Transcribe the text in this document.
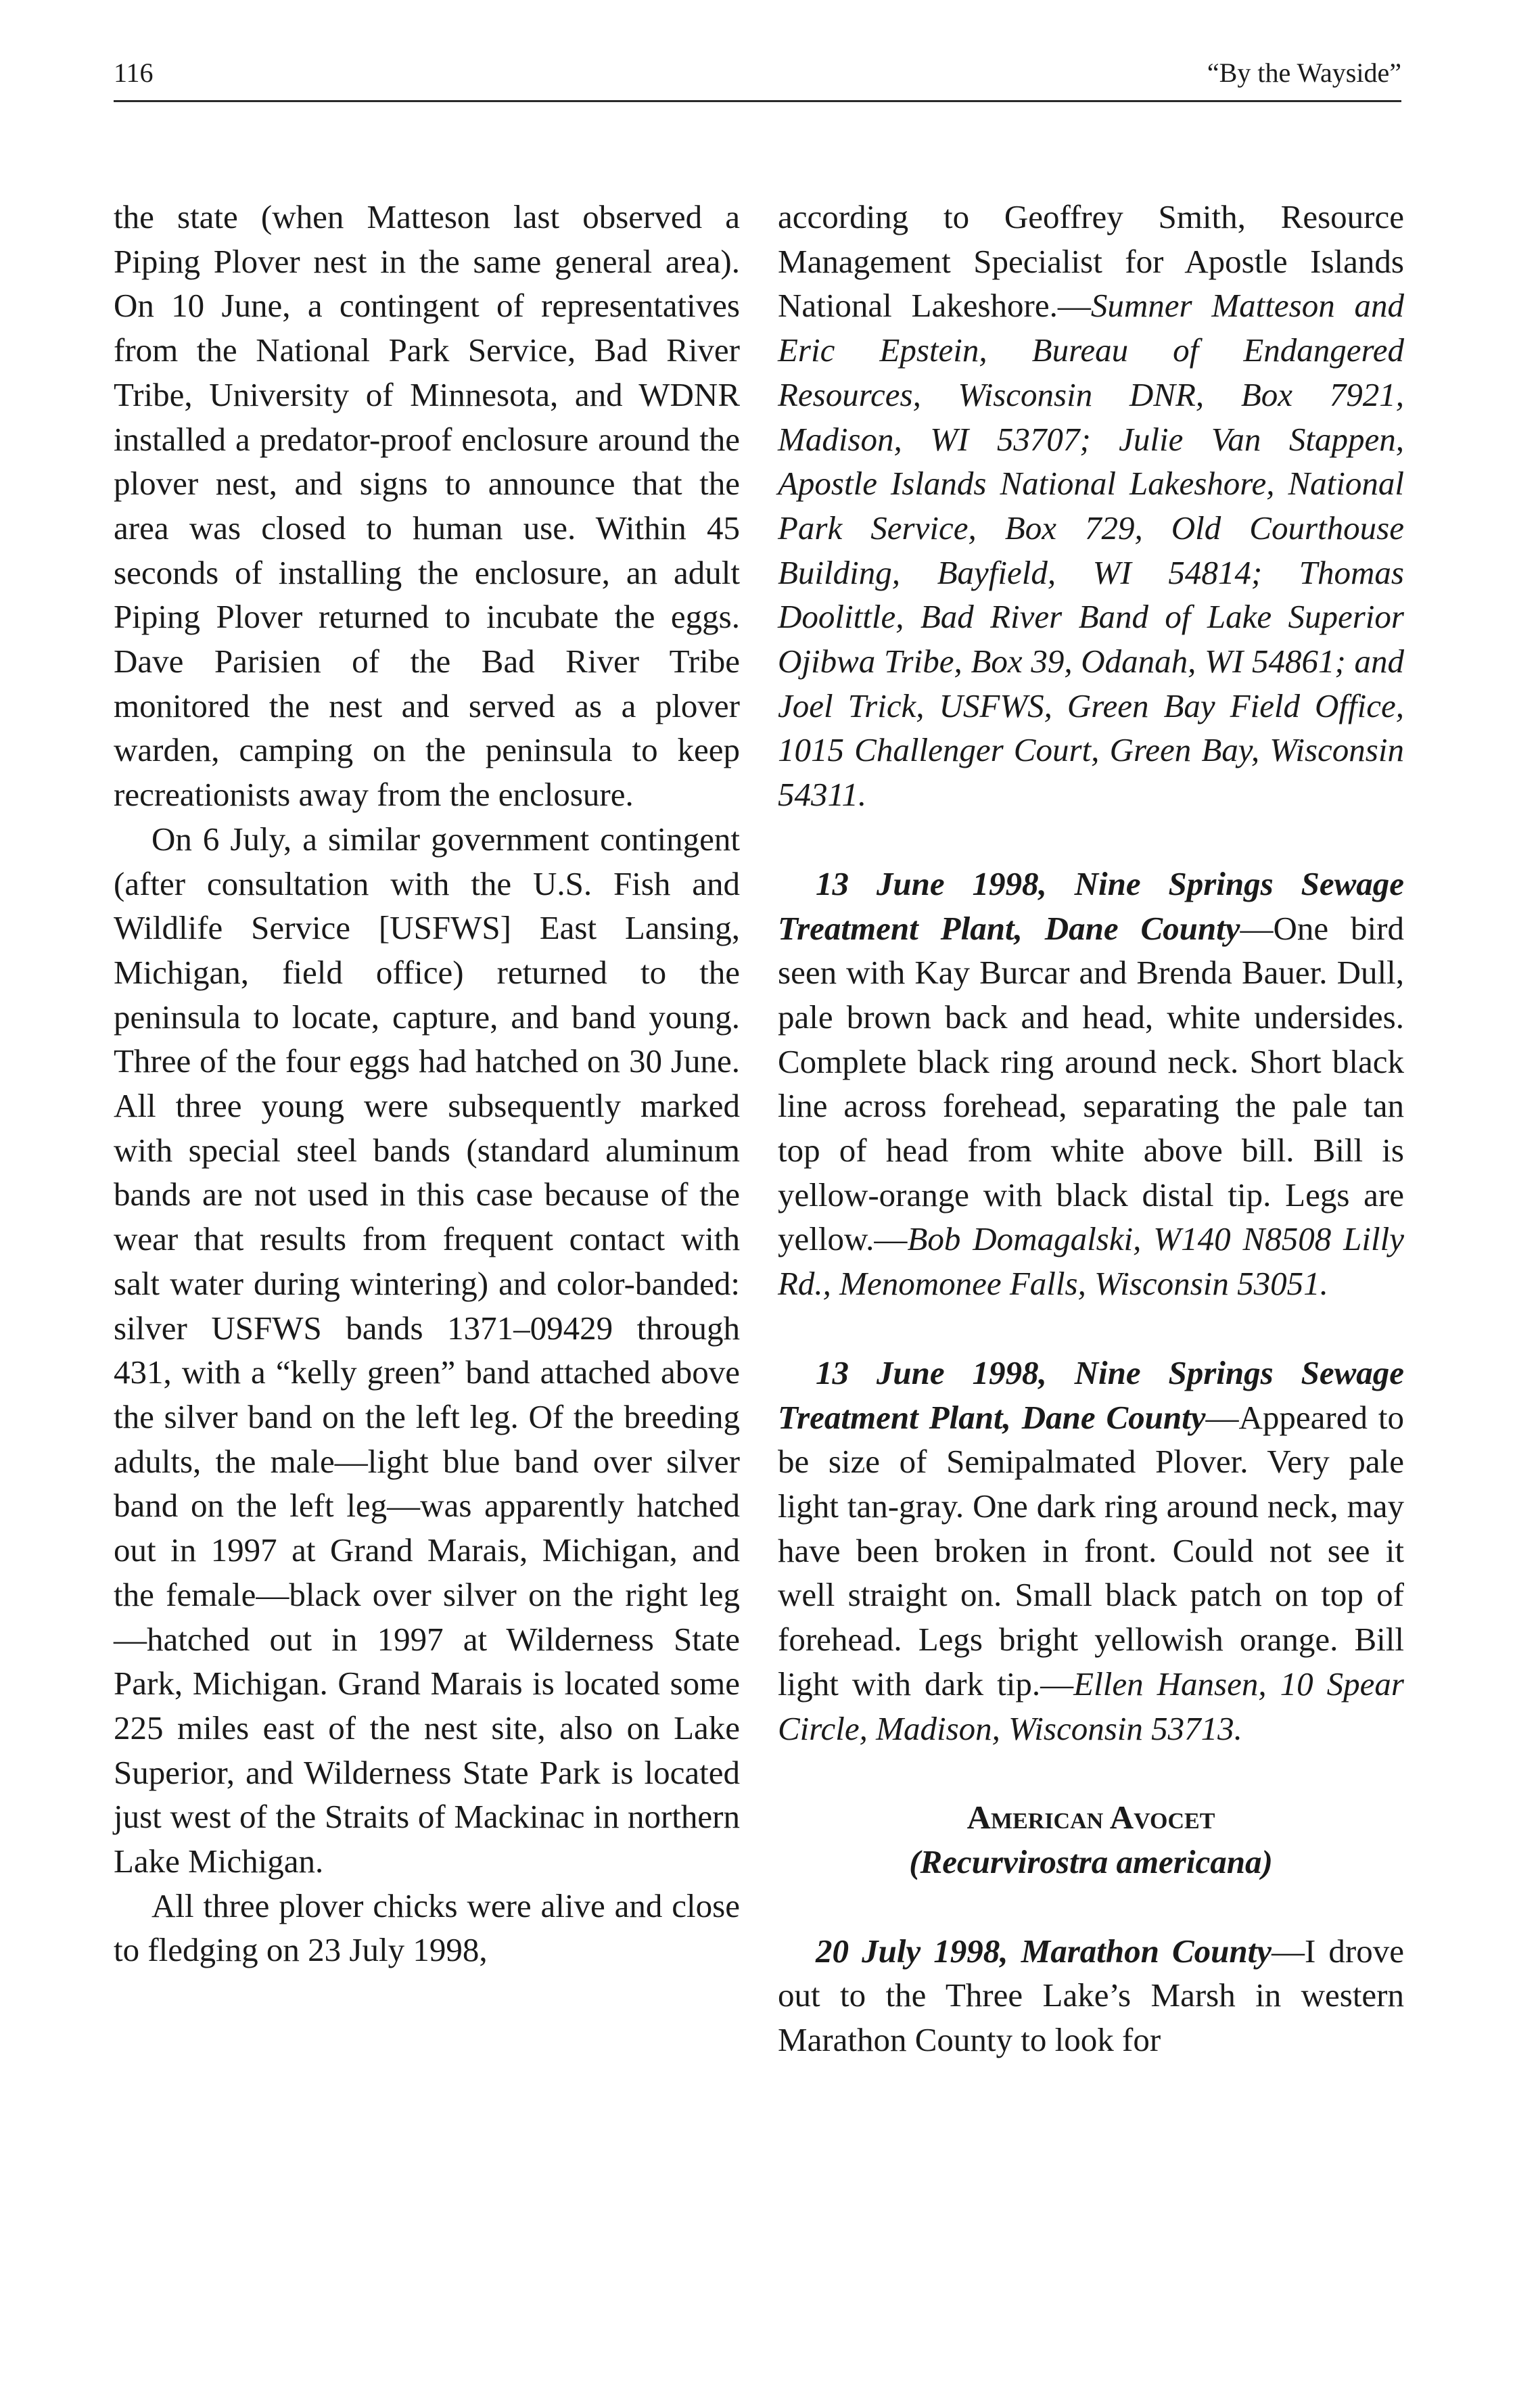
116	“By the Wayside”

the state (when Matteson last observed a Piping Plover nest in the same general area). On 10 June, a contingent of representatives from the National Park Service, Bad River Tribe, University of Minnesota, and WDNR installed a predator-proof enclosure around the plover nest, and signs to announce that the area was closed to human use. Within 45 seconds of installing the enclosure, an adult Piping Plover returned to incubate the eggs. Dave Parisien of the Bad River Tribe monitored the nest and served as a plover warden, camping on the peninsula to keep recreationists away from the enclosure.

On 6 July, a similar government contingent (after consultation with the U.S. Fish and Wildlife Service [USFWS] East Lansing, Michigan, field office) returned to the peninsula to locate, capture, and band young. Three of the four eggs had hatched on 30 June. All three young were subsequently marked with special steel bands (standard aluminum bands are not used in this case because of the wear that results from frequent contact with salt water during wintering) and color-banded: silver USFWS bands 1371–09429 through 431, with a “kelly green” band attached above the silver band on the left leg. Of the breeding adults, the male—light blue band over silver band on the left leg—was apparently hatched out in 1997 at Grand Marais, Michigan, and the female—black over silver on the right leg—hatched out in 1997 at Wilderness State Park, Michigan. Grand Marais is located some 225 miles east of the nest site, also on Lake Superior, and Wilderness State Park is located just west of the Straits of Mackinac in northern Lake Michigan.

All three plover chicks were alive and close to fledging on 23 July 1998,

according to Geoffrey Smith, Resource Management Specialist for Apostle Islands National Lakeshore.—Sumner Matteson and Eric Epstein, Bureau of Endangered Resources, Wisconsin DNR, Box 7921, Madison, WI 53707; Julie Van Stappen, Apostle Islands National Lakeshore, National Park Service, Box 729, Old Courthouse Building, Bayfield, WI 54814; Thomas Doolittle, Bad River Band of Lake Superior Ojibwa Tribe, Box 39, Odanah, WI 54861; and Joel Trick, USFWS, Green Bay Field Office, 1015 Challenger Court, Green Bay, Wisconsin 54311.

13 June 1998, Nine Springs Sewage Treatment Plant, Dane County—One bird seen with Kay Burcar and Brenda Bauer. Dull, pale brown back and head, white undersides. Complete black ring around neck. Short black line across forehead, separating the pale tan top of head from white above bill. Bill is yellow-orange with black distal tip. Legs are yellow.—Bob Domagalski, W140 N8508 Lilly Rd., Menomonee Falls, Wisconsin 53051.

13 June 1998, Nine Springs Sewage Treatment Plant, Dane County—Appeared to be size of Semipalmated Plover. Very pale light tan-gray. One dark ring around neck, may have been broken in front. Could not see it well straight on. Small black patch on top of forehead. Legs bright yellowish orange. Bill light with dark tip.—Ellen Hansen, 10 Spear Circle, Madison, Wisconsin 53713.

American Avocet

(Recurvirostra americana)

20 July 1998, Marathon County—I drove out to the Three Lake’s Marsh in western Marathon County to look for
